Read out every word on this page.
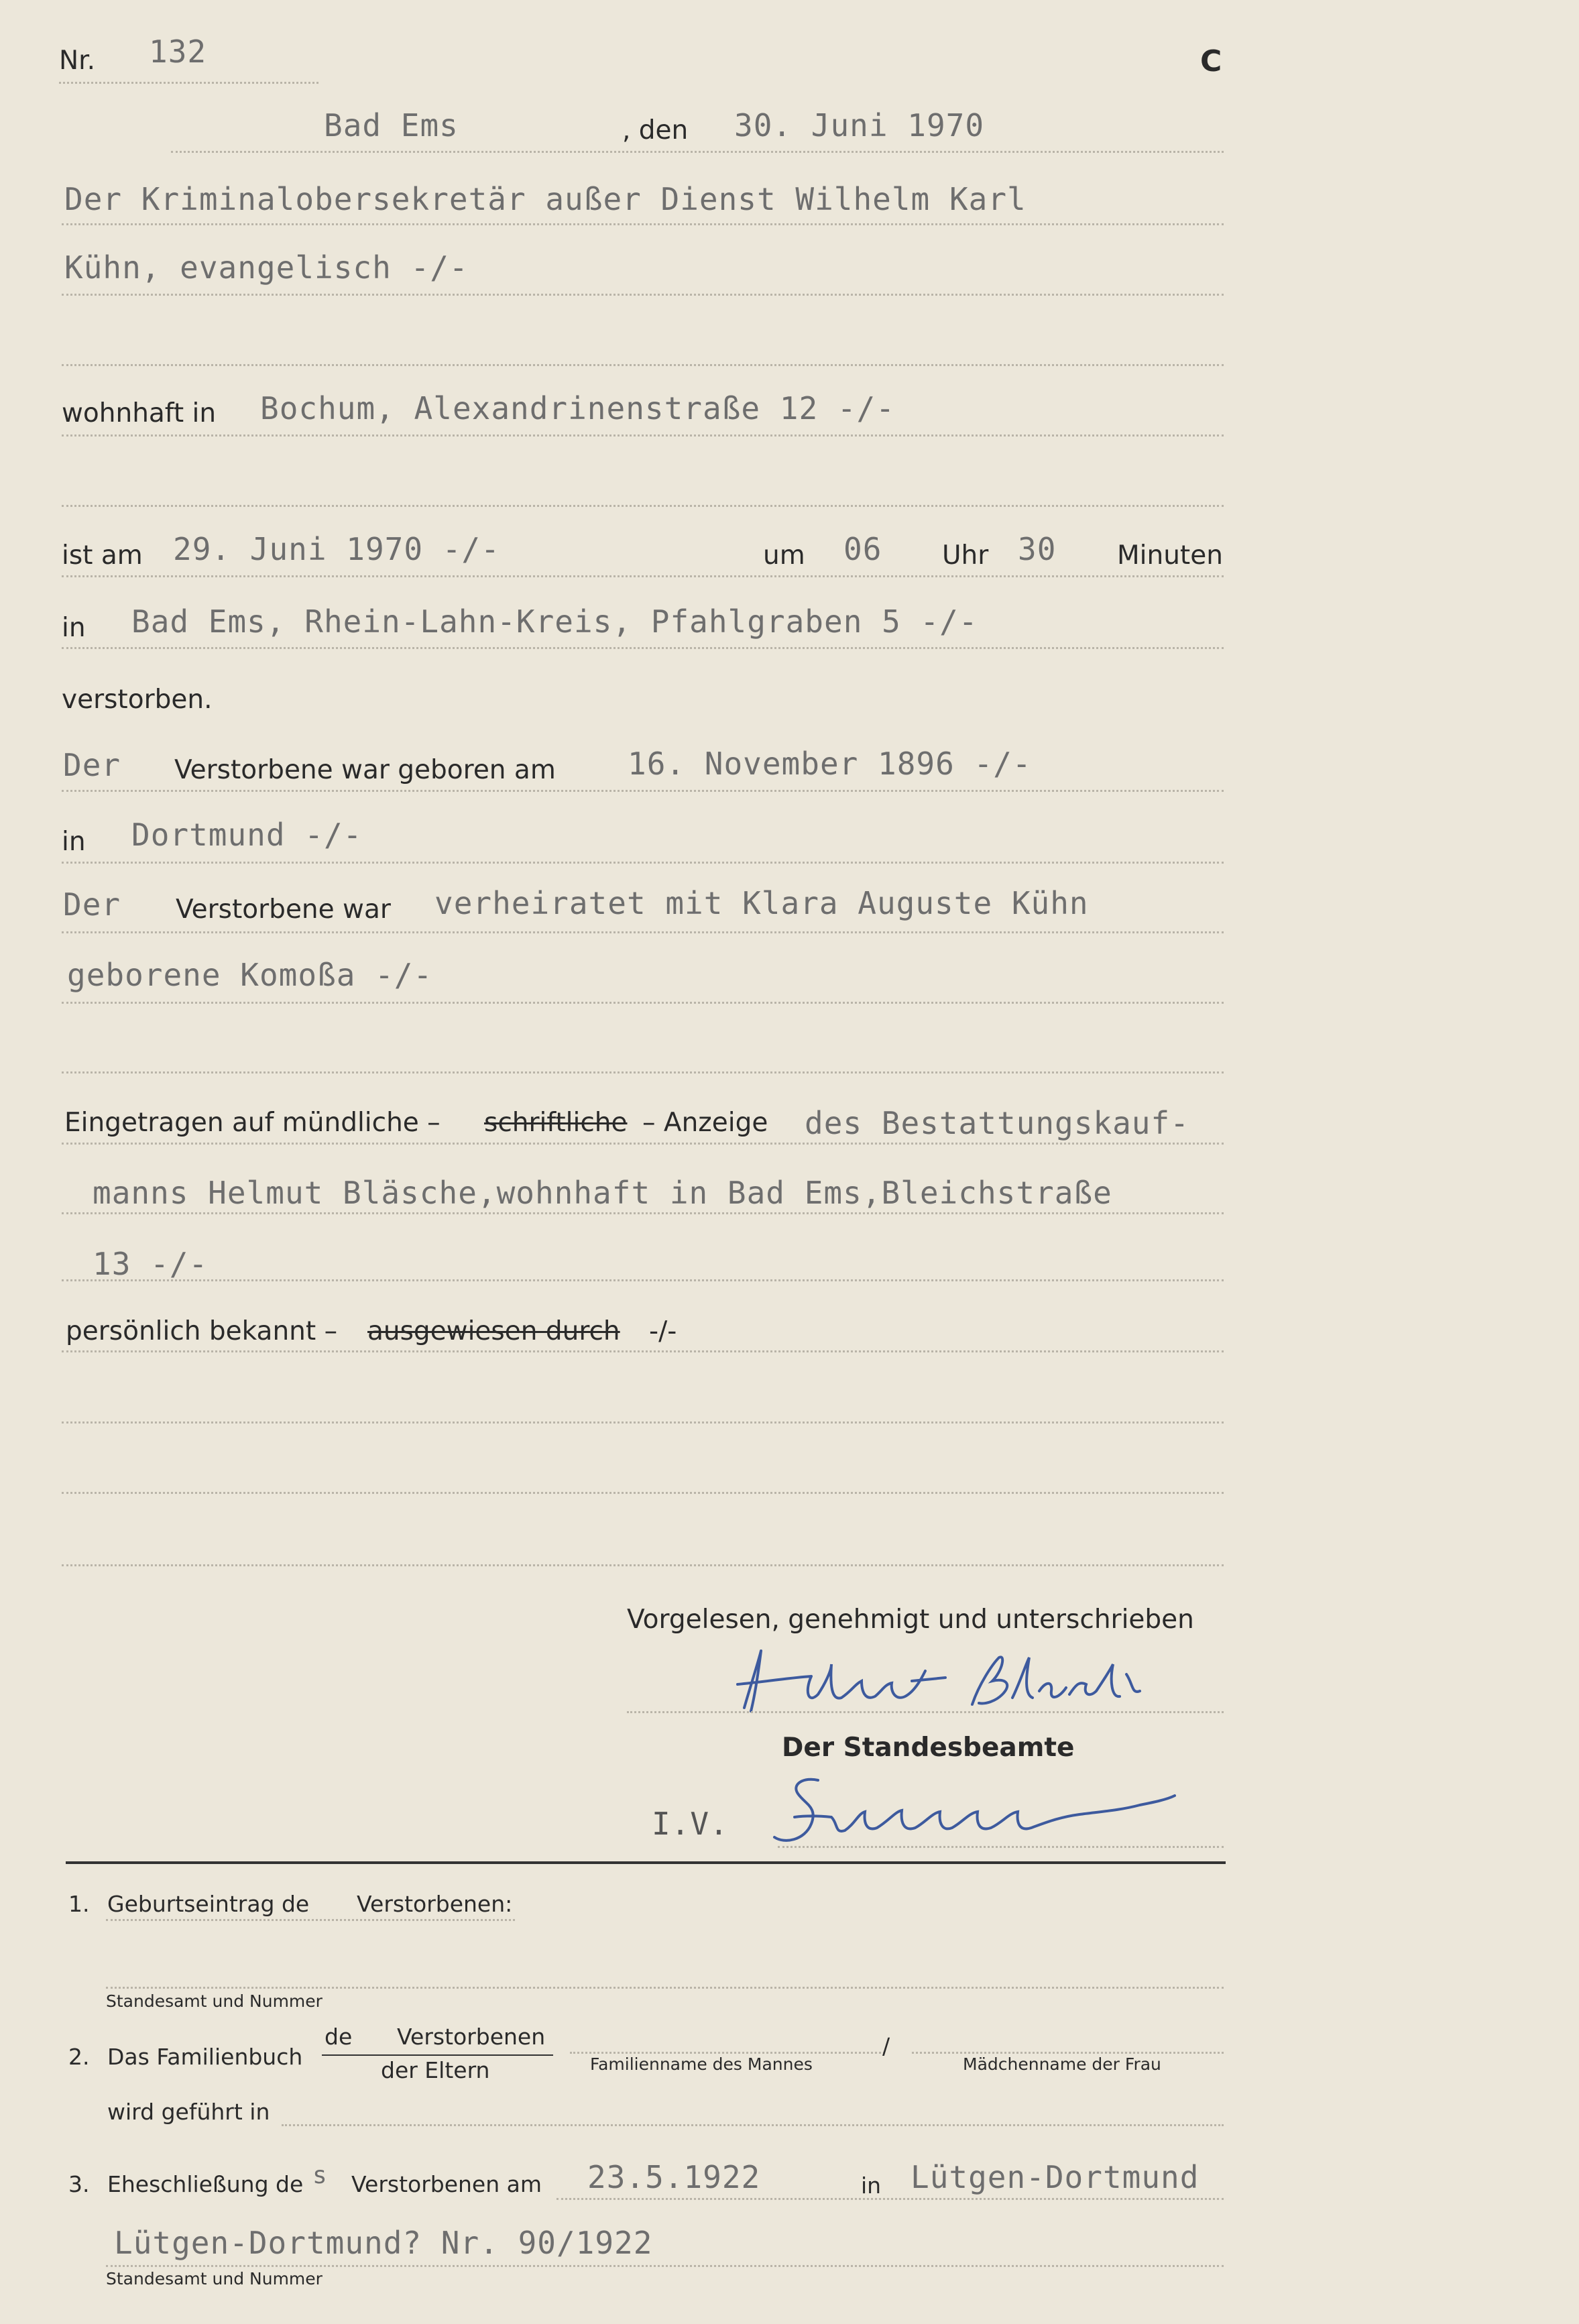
Nr. 132	C
Bad Ems	, den 30. Juni 1970
Der Kriminalobersekretär außer Dienst Wilhelm Karl
Kühn, evangelisch -/-
wohnhaft in Bochum, Alexandrinenstraße 12 -/-
ist am 29. Juni 1970 -/-	um 06 Uhr 30 Minuten
in Bad Ems, Rhein-Lahn-Kreis, Pfahlgraben 5 -/-
verstorben.
Der Verstorbene war geboren am 16. November 1896 -/-
in Dortmund -/-
Der Verstorbene war verheiratet mit Klara Auguste Kühn
geborene Komoßa -/-
Eingetragen auf mündliche – schriftliche – Anzeige des Bestattungskauf-
manns Helmut Bläsche,wohnhaft in Bad Ems,Bleichstraße
13 -/-
persönlich bekannt – ausgewiesen durch -/-
Vorgelesen, genehmigt und unterschrieben
Helmut Bläsche
Der Standesbeamte
I.V.	Sommer
1. Geburtseintrag de Verstorbenen:
Standesamt und Nummer
2. Das Familienbuch
de Verstorbenen
der Eltern	Familienname des Mannes
/
Mädchenname der Frau
wird geführt in
3. Eheschließung de s Verstorbenen am 23.5.1922	in Lütgen-Dortmund
Lütgen-Dortmund? Nr. 90/1922
Standesamt und Nummer
